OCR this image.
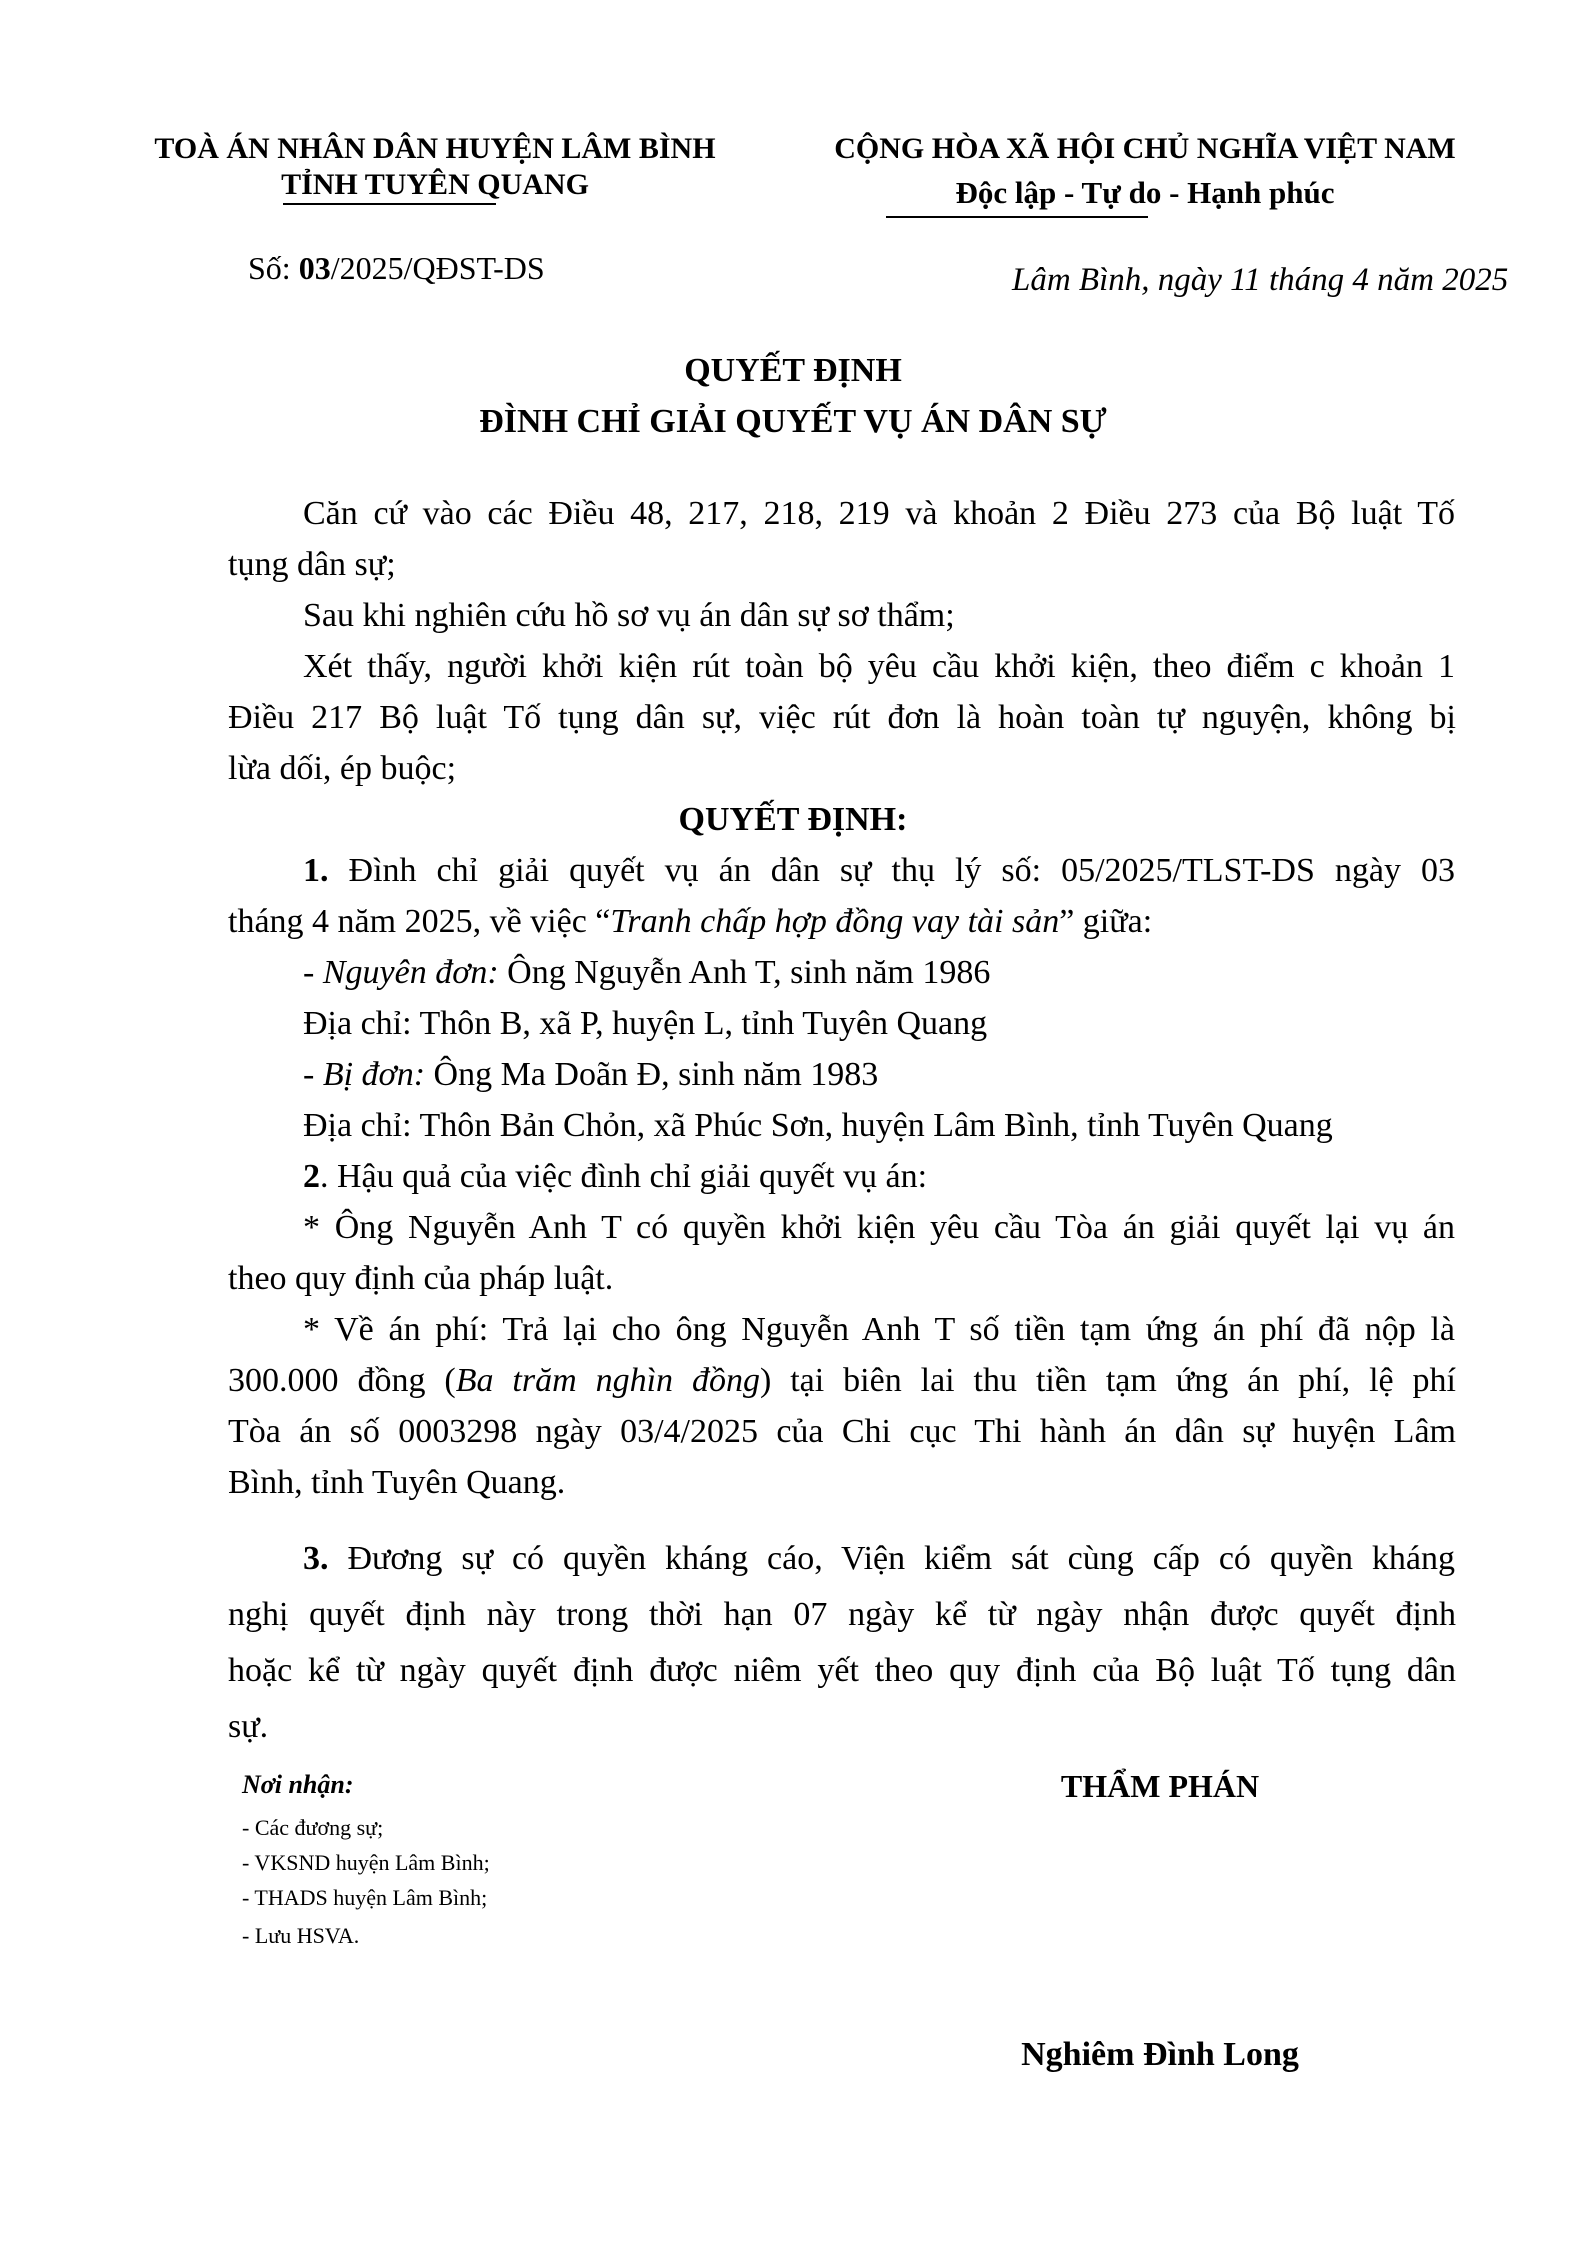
TOÀ ÁN NHÂN DÂN HUYỆN LÂM BÌNH
TỈNH TUYÊN QUANG
Số: 03/2025/QĐST-DS
CỘNG HÒA XÃ HỘI CHỦ NGHĨA VIỆT NAM
Độc lập - Tự do - Hạnh phúc
Lâm Bình, ngày 11 tháng 4 năm 2025
QUYẾT ĐỊNH
ĐÌNH CHỈ GIẢI QUYẾT VỤ ÁN DÂN SỰ
Căn cứ vào các Điều 48, 217, 218, 219 và khoản 2 Điều 273 của Bộ luật Tố
tụng dân sự;
Sau khi nghiên cứu hồ sơ vụ án dân sự sơ thẩm;
Xét thấy, người khởi kiện rút toàn bộ yêu cầu khởi kiện, theo điểm c khoản 1
Điều 217 Bộ luật Tố tụng dân sự, việc rút đơn là hoàn toàn tự nguyện, không bị
lừa dối, ép buộc;
QUYẾT ĐỊNH:
1. Đình chỉ giải quyết vụ án dân sự thụ lý số: 05/2025/TLST-DS ngày 03
tháng 4 năm 2025, về việc “Tranh chấp hợp đồng vay tài sản” giữa:
- Nguyên đơn: Ông Nguyễn Anh T, sinh năm 1986
Địa chỉ: Thôn B, xã P, huyện L, tỉnh Tuyên Quang
- Bị đơn: Ông Ma Doãn Đ, sinh năm 1983
Địa chỉ: Thôn Bản Chỏn, xã Phúc Sơn, huyện Lâm Bình, tỉnh Tuyên Quang
2. Hậu quả của việc đình chỉ giải quyết vụ án:
* Ông Nguyễn Anh T có quyền khởi kiện yêu cầu Tòa án giải quyết lại vụ án
theo quy định của pháp luật.
* Về án phí: Trả lại cho ông Nguyễn Anh T số tiền tạm ứng án phí đã nộp là
300.000 đồng (Ba trăm nghìn đồng) tại biên lai thu tiền tạm ứng án phí, lệ phí
Tòa án số 0003298 ngày 03/4/2025 của Chi cục Thi hành án dân sự huyện Lâm
Bình, tỉnh Tuyên Quang.
3. Đương sự có quyền kháng cáo, Viện kiểm sát cùng cấp có quyền kháng
nghị quyết định này trong thời hạn 07 ngày kể từ ngày nhận được quyết định
hoặc kể từ ngày quyết định được niêm yết theo quy định của Bộ luật Tố tụng dân
sự.
Nơi nhận:
- Các đương sự;
- VKSND huyện Lâm Bình;
- THADS huyện Lâm Bình;
- Lưu HSVA.
THẨM PHÁN
Nghiêm Đình Long
